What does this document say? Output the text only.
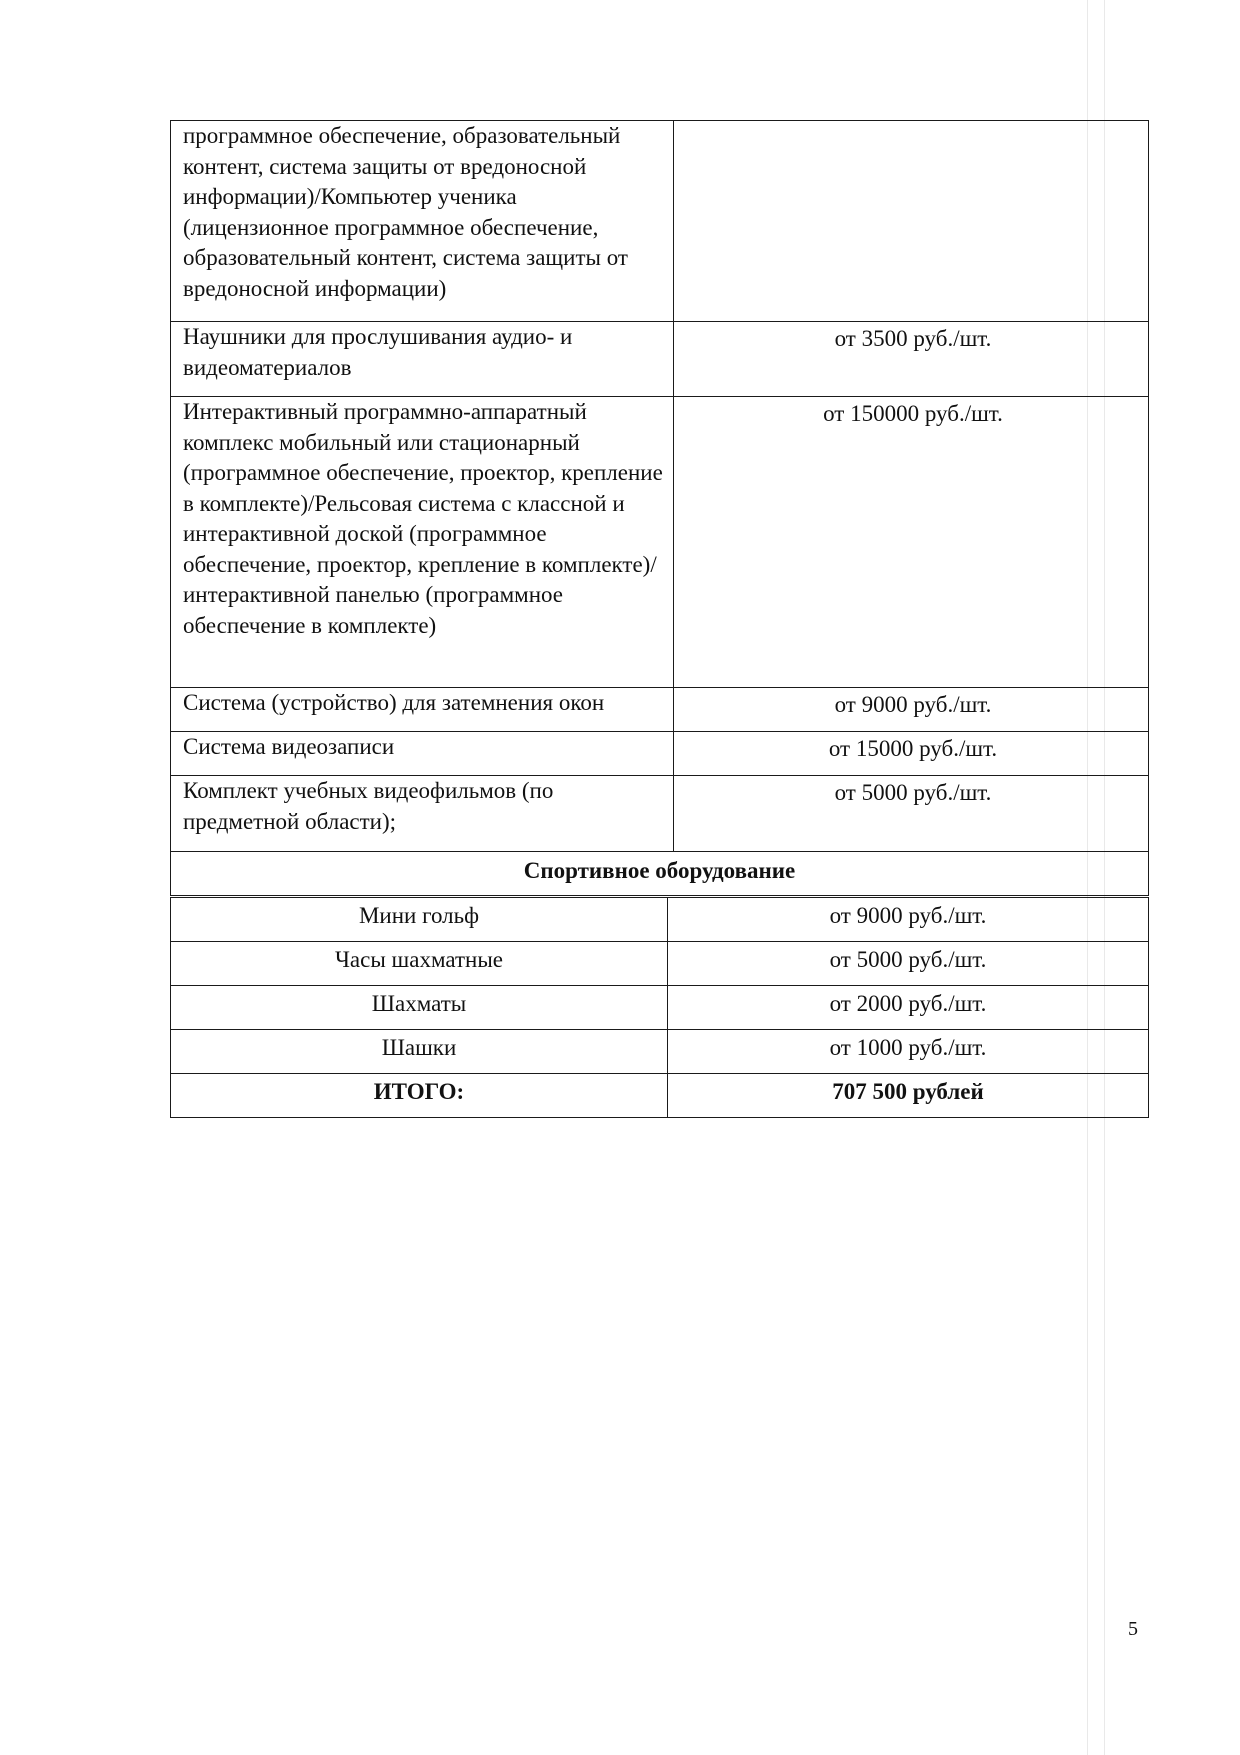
программное обеспечение, образовательный контент, система защиты от вредоносной информации)/Компьютер ученика (лицензионное программное обеспечение, образовательный контент, система защиты от вредоносной информации)	
Наушники для прослушивания аудио- и видеоматериалов	от 3500 руб./шт.
Интерактивный программно-аппаратный комплекс мобильный или стационарный (программное обеспечение, проектор, крепление в комплекте)/Рельсовая система с классной и интерактивной доской (программное обеспечение, проектор, крепление в комплекте)/интерактивной панелью (программное обеспечение в комплекте)	от 150000 руб./шт.
Система (устройство) для затемнения окон	от 9000 руб./шт.
Система видеозаписи	от 15000 руб./шт.
Комплект учебных видеофильмов (по предметной области);	от 5000 руб./шт.
Спортивное оборудование	
Мини гольф	от 9000 руб./шт.
Часы шахматные	от 5000 руб./шт.
Шахматы	от 2000 руб./шт.
Шашки	от 1000 руб./шт.
ИТОГО:	707 500 рублей
5
